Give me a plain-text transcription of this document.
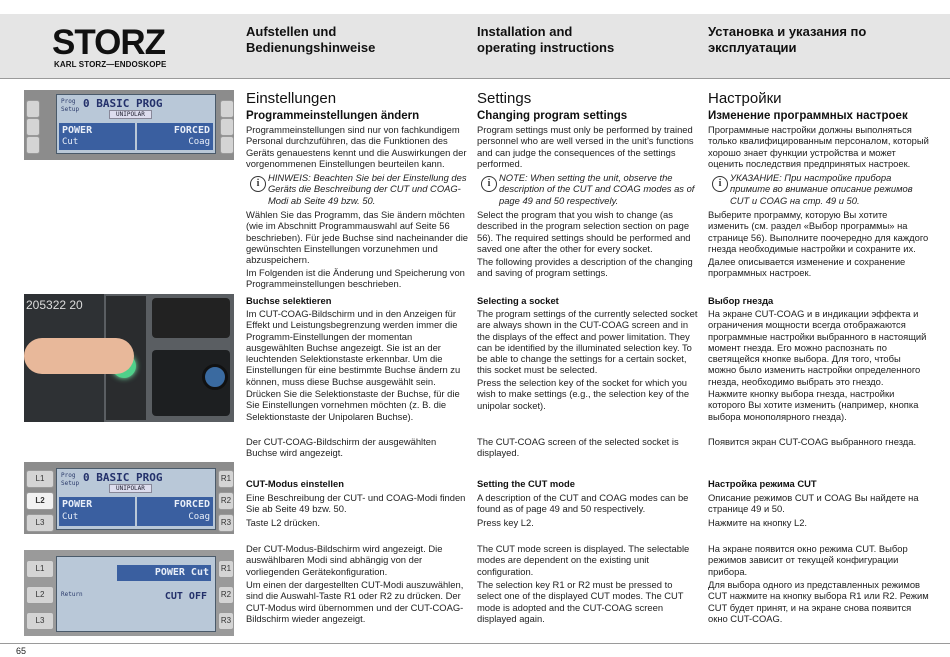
STORZ
KARL STORZ—ENDOSKOPE
Aufstellen und
Bedienungshinweise
Installation and
operating instructions
Установка и указания по
эксплуатации
Prog
Setup 0 BASIC PROG
UNIPOLAR
POWER
Cut
FORCED
Coag
205322 20
L1
L2
L3
Prog
Setup 0 BASIC PROG
UNIPOLAR
POWER
Cut
FORCED
Coag
R1
R2
R3
L1
L2
L3
POWER Cut
Return	CUT OFF
R1
R2
R3
Einstellungen
Programmeinstellungen ändern
Programmeinstellungen sind nur von fachkundigem Personal durchzuführen, das die Funktionen des Geräts genauestens kennt und die Auswirkungen der vorgenommenen Einstellungen beurteilen kann.
i
HINWEIS: Beachten Sie bei der Einstellung des Geräts die Beschreibung der CUT und COAG-Modi ab Seite 49 bzw. 50.
Wählen Sie das Programm, das Sie ändern möchten (wie im Abschnitt Programmauswahl auf Seite 56 beschrieben). Für jede Buchse sind nacheinander die gewünschten Einstellungen vorzunehmen und abzuspeichern.
Im Folgenden ist die Änderung und Speicherung von Programmeinstellungen beschrieben.
Buchse selektieren
Im CUT-COAG-Bildschirm und in den Anzeigen für Effekt und Leistungsbegrenzung werden immer die Programm-Einstellungen der momentan ausgewählten Buchse angezeigt. Sie ist an der leuchtenden Selektionstaste erkennbar. Um die Einstellungen für eine bestimmte Buchse ändern zu können, muss diese Buchse ausgewählt sein.
Drücken Sie die Selektionstaste der Buchse, für die Sie Einstellungen vornehmen möchten (z. B. die Selektionstaste der Unipolaren Buchse).
Der CUT-COAG-Bildschirm der ausgewählten Buchse wird angezeigt.
CUT-Modus einstellen
Eine Beschreibung der CUT- und COAG-Modi finden Sie ab Seite 49 bzw. 50.
Taste L2 drücken.
Der CUT-Modus-Bildschirm wird angezeigt. Die auswählbaren Modi sind abhängig von der vorliegenden Gerätekonfiguration.
Um einen der dargestellten CUT-Modi auszuwählen, sind die Auswahl-Taste R1 oder R2 zu drücken. Der CUT-Modus wird übernommen und der CUT-COAG-Bildschirm wieder angezeigt.
Settings
Changing program settings
Program settings must only be performed by trained personnel who are well versed in the unit’s functions and can judge the consequences of the settings performed.
i
NOTE: When setting the unit, observe the description of the CUT and COAG modes as of page 49 and 50 respectively.
Select the program that you wish to change (as described in the program selection section on page 56). The required settings should be performed and saved one after the other for every socket.
The following provides a description of the changing and saving of program settings.
Selecting a socket
The program settings of the currently selected socket are always shown in the CUT-COAG screen and in the displays of the effect and power limitation. They can be identified by the illuminated selection key. To be able to change the settings for a certain socket, this socket must be selected.
Press the selection key of the socket for which you wish to make settings (e.g., the selection key of the unipolar socket).
The CUT-COAG screen of the selected socket is displayed.
Setting the CUT mode
A description of the CUT and COAG modes can be found as of page 49 and 50 respectively.
Press key L2.
The CUT mode screen is displayed. The selectable modes are dependent on the existing unit configuration.
The selection key R1 or R2 must be pressed to select one of the displayed CUT modes. The CUT mode is adopted and the CUT-COAG screen displayed again.
Настройки
Изменение программных настроек
Программные настройки должны выполняться только квалифицированным персоналом, который хорошо знает функции устройства и может оценить последствия предпринятых настроек.
i
УКАЗАНИЕ: При настройке прибора примите во внимание описание режимов CUT и COAG на стр. 49 и 50.
Выберите программу, которую Вы хотите изменить (см. раздел «Выбор программы» на странице 56). Выполните поочередно для каждого гнезда необходимые настройки и сохраните их.
Далее описывается изменение и сохранение программных настроек.
Выбор гнезда
На экране CUT-COAG и в индикации эффекта и ограничения мощности всегда отображаются программные настройки выбранного в настоящий момент гнезда. Его можно распознать по светящейся кнопке выбора. Для того, чтобы можно было изменить настройки определенного гнезда, необходимо выбрать это гнездо.
Нажмите кнопку выбора гнезда, настройки которого Вы хотите изменить (например, кнопка выбора монополярного гнезда).
Появится экран CUT-COAG выбранного гнезда.
Настройка режима CUT
Описание режимов CUT и COAG Вы найдете на странице 49 и 50.
Нажмите на кнопку L2.
На экране появится окно режима CUT. Выбор режимов зависит от текущей конфигурации прибора.
Для выбора одного из представленных режимов CUT нажмите на кнопку выбора R1 или R2. Режим CUT будет принят, и на экране снова появится окно CUT-COAG.
65
